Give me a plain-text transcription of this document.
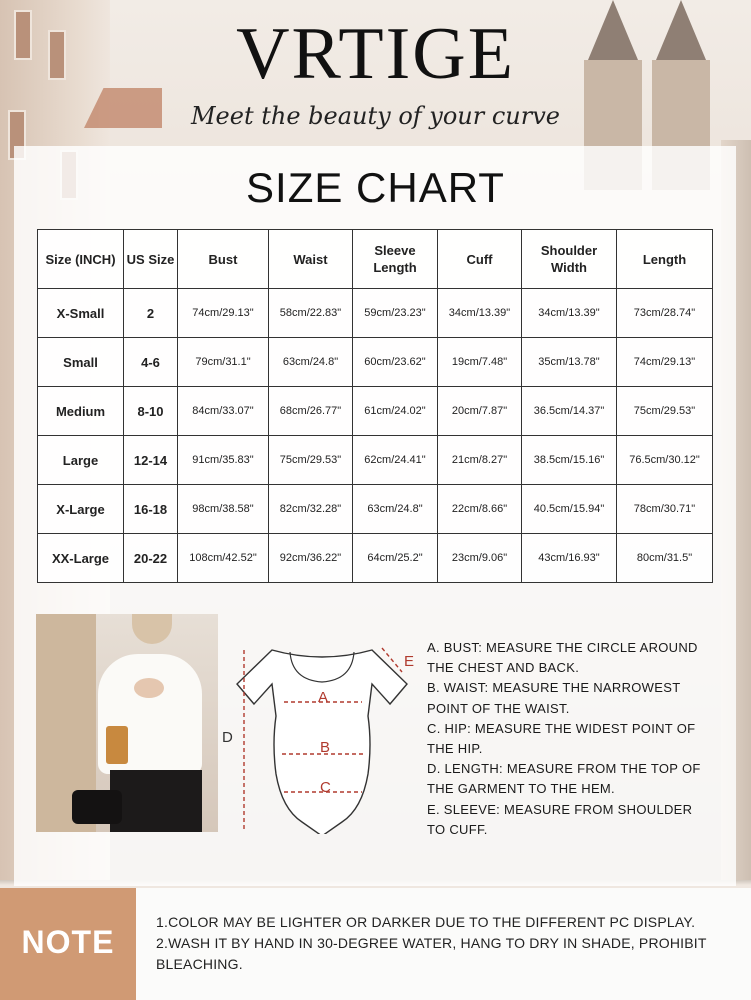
VRTIGE
Meet the beauty of your curve
SIZE CHART
Size (INCH)	US Size	Bust	Waist	Sleeve Length	Cuff	Shoulder Width	Length
X-Small	2	74cm/29.13"	58cm/22.83"	59cm/23.23"	34cm/13.39"	34cm/13.39"	73cm/28.74"
Small	4-6	79cm/31.1"	63cm/24.8"	60cm/23.62"	19cm/7.48"	35cm/13.78"	74cm/29.13"
Medium	8-10	84cm/33.07"	68cm/26.77"	61cm/24.02"	20cm/7.87"	36.5cm/14.37"	75cm/29.53"
Large	12-14	91cm/35.83"	75cm/29.53"	62cm/24.41"	21cm/8.27"	38.5cm/15.16"	76.5cm/30.12"
X-Large	16-18	98cm/38.58"	82cm/32.28"	63cm/24.8"	22cm/8.66"	40.5cm/15.94"	78cm/30.71"
XX-Large	20-22	108cm/42.52"	92cm/36.22"	64cm/25.2"	23cm/9.06"	43cm/16.93"	80cm/31.5"
A
B
C
D
E
A. BUST: MEASURE THE CIRCLE AROUND
THE CHEST AND BACK.
B. WAIST: MEASURE THE NARROWEST
POINT OF THE WAIST.
C. HIP: MEASURE THE WIDEST POINT OF
THE HIP.
D. LENGTH: MEASURE FROM THE TOP OF
THE GARMENT TO THE HEM.
E. SLEEVE: MEASURE FROM SHOULDER
TO CUFF.
NOTE
1.COLOR MAY BE LIGHTER OR DARKER DUE TO THE DIFFERENT PC DISPLAY.
2.WASH IT BY HAND IN 30-DEGREE WATER, HANG TO DRY IN SHADE, PROHIBIT
BLEACHING.
